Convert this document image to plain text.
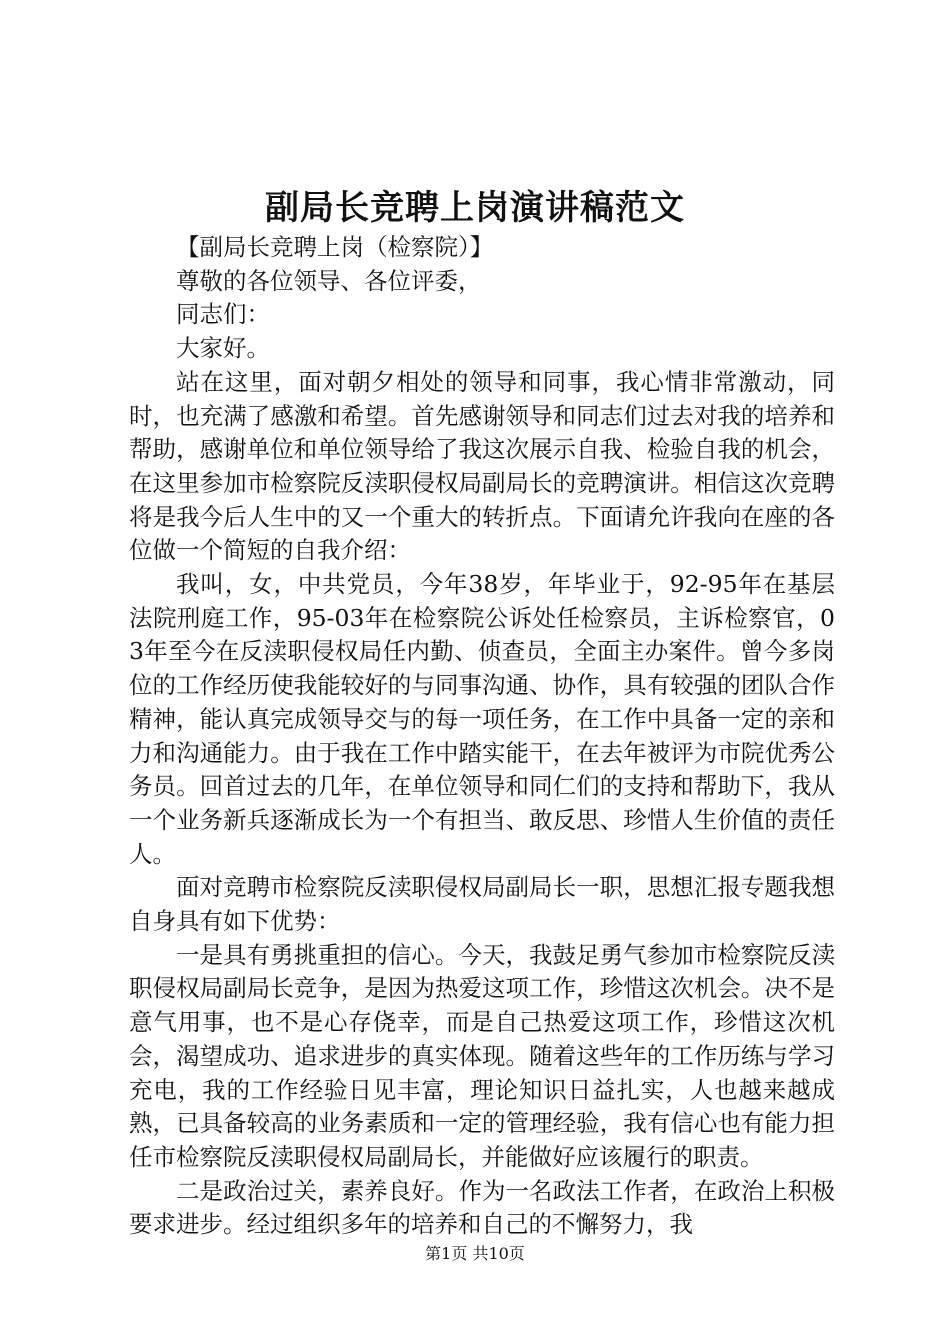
副局长竞聘上岗演讲稿范文

【副局长竞聘上岗（检察院）】

尊敬的各位领导、各位评委，

同志们：

大家好。

站在这里，面对朝夕相处的领导和同事，我心情非常激动，同时，也充满了感激和希望。首先感谢领导和同志们过去对我的培养和帮助，感谢单位和单位领导给了我这次展示自我、检验自我的机会，在这里参加市检察院反渎职侵权局副局长的竞聘演讲。相信这次竞聘将是我今后人生中的又一个重大的转折点。下面请允许我向在座的各位做一个简短的自我介绍：

我叫，女，中共党员，今年38岁，年毕业于，92-95年在基层法院刑庭工作，95-03年在检察院公诉处任检察员，主诉检察官，03年至今在反渎职侵权局任内勤、侦查员，全面主办案件。曾今多岗位的工作经历使我能较好的与同事沟通、协作，具有较强的团队合作精神，能认真完成领导交与的每一项任务，在工作中具备一定的亲和力和沟通能力。由于我在工作中踏实能干，在去年被评为市院优秀公务员。回首过去的几年，在单位领导和同仁们的支持和帮助下，我从一个业务新兵逐渐成长为一个有担当、敢反思、珍惜人生价值的责任人。

面对竞聘市检察院反渎职侵权局副局长一职，思想汇报专题我想自身具有如下优势：

一是具有勇挑重担的信心。今天，我鼓足勇气参加市检察院反渎职侵权局副局长竞争，是因为热爱这项工作，珍惜这次机会。决不是意气用事，也不是心存侥幸，而是自己热爱这项工作，珍惜这次机会，渴望成功、追求进步的真实体现。随着这些年的工作历练与学习充电，我的工作经验日见丰富，理论知识日益扎实，人也越来越成熟，已具备较高的业务素质和一定的管理经验，我有信心也有能力担任市检察院反渎职侵权局副局长，并能做好应该履行的职责。

二是政治过关，素养良好。作为一名政法工作者，在政治上积极要求进步。经过组织多年的培养和自己的不懈努力，我

第1页 共10页
